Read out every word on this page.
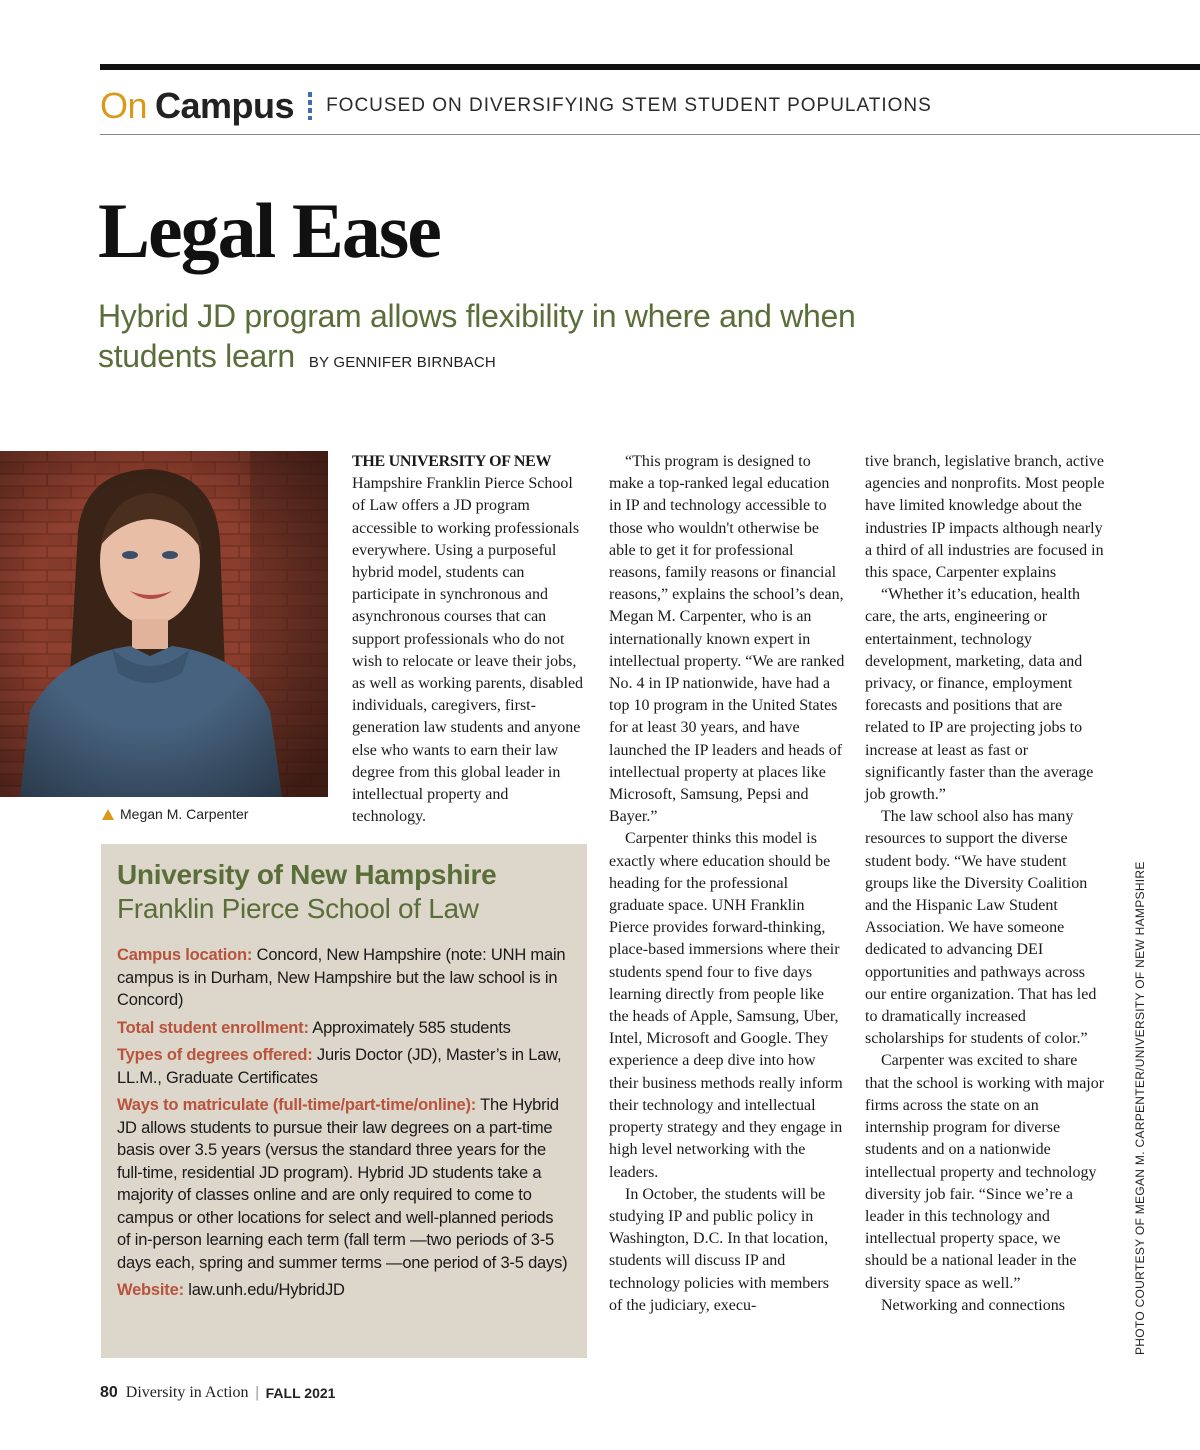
On Campus FOCUSED ON DIVERSIFYING STEM STUDENT POPULATIONS
Legal Ease
Hybrid JD program allows flexibility in where and when students learn BY GENNIFER BIRNBACH
Megan M. Carpenter

THE UNIVERSITY OF NEW
Hampshire Franklin Pierce School of Law offers a JD program accessible to working professionals everywhere. Using a purposeful hybrid model, students can participate in synchronous and asynchronous courses that can support professionals who do not wish to relocate or leave their jobs, as well as working parents, disabled individuals, caregivers, first-generation law students and anyone else who wants to earn their law degree from this global leader in intellectual property and technology.

“This program is designed to make a top-ranked legal education in IP and technology accessible to those who wouldn't otherwise be able to get it for professional reasons, family reasons or financial reasons,” explains the school’s dean, Megan M. Carpenter, who is an internationally known expert in intellectual property. “We are ranked No. 4 in IP nationwide, have had a top 10 program in the United States for at least 30 years, and have launched the IP leaders and heads of intellectual property at places like Microsoft, Samsung, Pepsi and Bayer.”

Carpenter thinks this model is exactly where education should be heading for the professional graduate space. UNH Franklin Pierce provides forward-thinking, place-based immersions where their students spend four to five days learning directly from people like the heads of Apple, Samsung, Uber, Intel, Microsoft and Google. They experience a deep dive into how their business methods really inform their technology and intellectual property strategy and they engage in high level networking with the leaders.

In October, the students will be studying IP and public policy in Washington, D.C. In that location, students will discuss IP and technology policies with members of the judiciary, execu-

tive branch, legislative branch, active agencies and nonprofits. Most people have limited knowledge about the industries IP impacts although nearly a third of all industries are focused in this space, Carpenter explains

“Whether it’s education, health care, the arts, engineering or entertainment, technology development, marketing, data and privacy, or finance, employment forecasts and positions that are related to IP are projecting jobs to increase at least as fast or significantly faster than the average job growth.”

The law school also has many resources to support the diverse student body. “We have student groups like the Diversity Coalition and the Hispanic Law Student Association. We have someone dedicated to advancing DEI opportunities and pathways across our entire organization. That has led to dramatically increased scholarships for students of color.”

Carpenter was excited to share that the school is working with major firms across the state on an internship program for diverse students and on a nationwide intellectual property and technology diversity job fair. “Since we’re a leader in this technology and intellectual property space, we should be a national leader in the diversity space as well.”

Networking and connections

University of New Hampshire
Franklin Pierce School of Law
Campus location: Concord, New Hampshire (note: UNH main campus is in Durham, New Hampshire but the law school is in Concord)
Total student enrollment: Approximately 585 students
Types of degrees offered: Juris Doctor (JD), Master’s in Law, LL.M., Graduate Certificates
Ways to matriculate (full-time/part-time/online): The Hybrid JD allows students to pursue their law degrees on a part-time basis over 3.5 years (versus the standard three years for the full-time, residential JD program). Hybrid JD students take a majority of classes online and are only required to come to campus or other locations for select and well-planned periods of in-person learning each term (fall term —two periods of 3-5 days each, spring and summer terms —one period of 3-5 days)
Website: law.unh.edu/HybridJD	PHOTO COURTESY OF MEGAN M. CARPENTER/UNIVERSITY OF NEW HAMPSHIRE
80 Diversity in Action | FALL 2021
